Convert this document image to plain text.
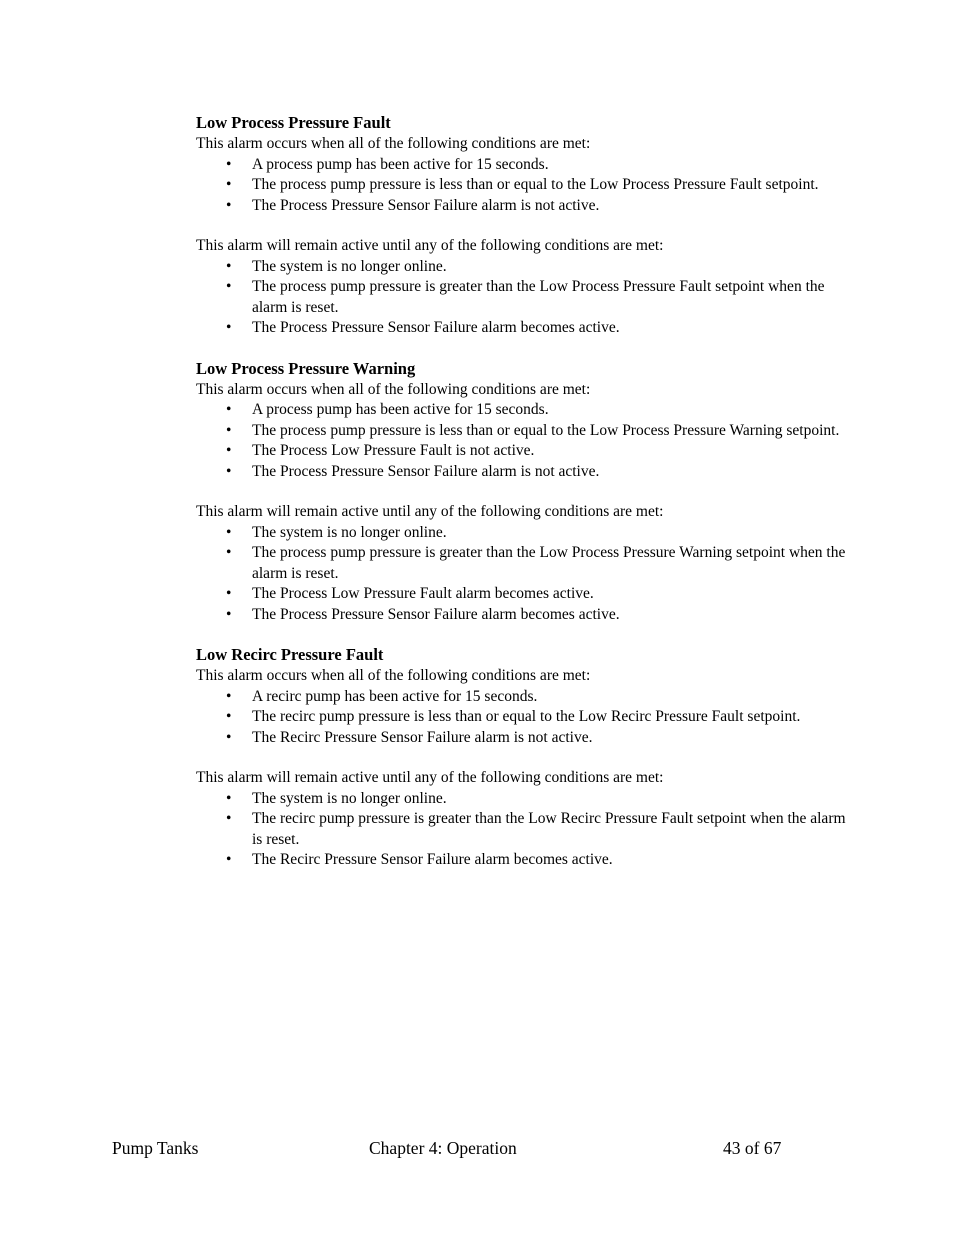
Low Process Pressure Fault

This alarm occurs when all of the following conditions are met:

• A process pump has been active for 15 seconds.
• The process pump pressure is less than or equal to the Low Process Pressure Fault setpoint.
• The Process Pressure Sensor Failure alarm is not active.

This alarm will remain active until any of the following conditions are met:

• The system is no longer online.
• The process pump pressure is greater than the Low Process Pressure Fault setpoint when the alarm is reset.
• The Process Pressure Sensor Failure alarm becomes active.

Low Process Pressure Warning

This alarm occurs when all of the following conditions are met:

• A process pump has been active for 15 seconds.
• The process pump pressure is less than or equal to the Low Process Pressure Warning setpoint.
• The Process Low Pressure Fault is not active.
• The Process Pressure Sensor Failure alarm is not active.

This alarm will remain active until any of the following conditions are met:

• The system is no longer online.
• The process pump pressure is greater than the Low Process Pressure Warning setpoint when the alarm is reset.
• The Process Low Pressure Fault alarm becomes active.
• The Process Pressure Sensor Failure alarm becomes active.

Low Recirc Pressure Fault

This alarm occurs when all of the following conditions are met:

• A recirc pump has been active for 15 seconds.
• The recirc pump pressure is less than or equal to the Low Recirc Pressure Fault setpoint.
• The Recirc Pressure Sensor Failure alarm is not active.

This alarm will remain active until any of the following conditions are met:

• The system is no longer online.
• The recirc pump pressure is greater than the Low Recirc Pressure Fault setpoint when the alarm is reset.
• The Recirc Pressure Sensor Failure alarm becomes active.
Pump Tanks	Chapter 4: Operation	43 of 67
